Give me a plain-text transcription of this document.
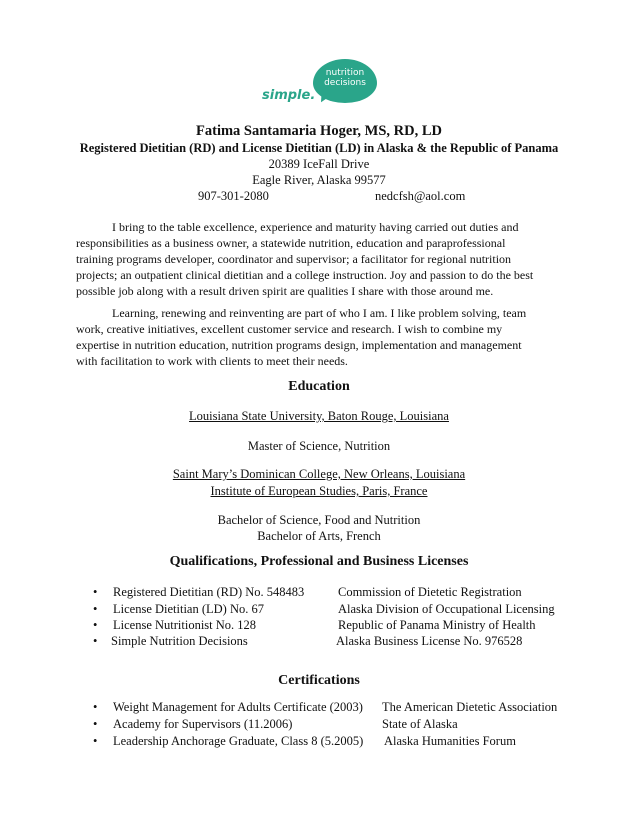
nutrition
decisions
simple.
Fatima Santamaria Hoger, MS, RD, LD
Registered Dietitian (RD) and License Dietitian (LD) in Alaska & the Republic of Panama
20389 IceFall Drive
Eagle River, Alaska 99577
907-301-2080	nedcfsh@aol.com
I bring to the table excellence, experience and maturity having carried out duties and
responsibilities as a business owner, a statewide nutrition, education and paraprofessional
training programs developer, coordinator and supervisor; a facilitator for regional nutrition
projects; an outpatient clinical dietitian and a college instruction. Joy and passion to do the best
possible job along with a result driven spirit are qualities I share with those around me.
Learning, renewing and reinventing are part of who I am. I like problem solving, team
work, creative initiatives, excellent customer service and research. I wish to combine my
expertise in nutrition education, nutrition programs design, implementation and management
with facilitation to work with clients to meet their needs.
Education
Louisiana State University, Baton Rouge, Louisiana
Master of Science, Nutrition
Saint Mary’s Dominican College, New Orleans, Louisiana
Institute of European Studies, Paris, France
Bachelor of Science, Food and Nutrition
Bachelor of Arts, French
Qualifications, Professional and Business Licenses
• Registered Dietitian (RD) No. 548483	Commission of Dietetic Registration
• License Dietitian (LD) No. 67	Alaska Division of Occupational Licensing
• License Nutritionist No. 128	Republic of Panama Ministry of Health
• Simple Nutrition Decisions	Alaska Business License No. 976528
Certifications
• Weight Management for Adults Certificate (2003) The American Dietetic Association
• Academy for Supervisors (11.2006)	State of Alaska
• Leadership Anchorage Graduate, Class 8 (5.2005) Alaska Humanities Forum
